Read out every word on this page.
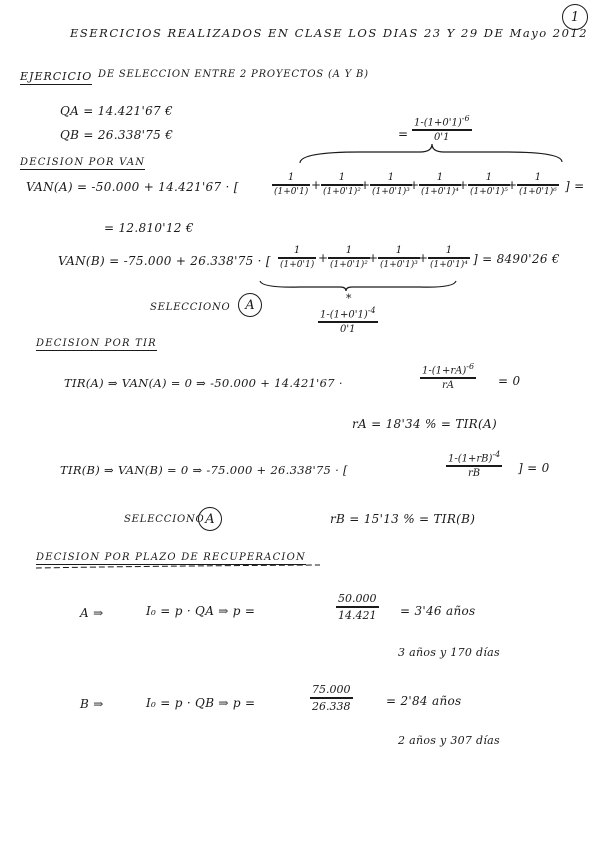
1
ESERCICIOS REALIZADOS EN CLASE LOS DIAS 23 Y 29 DE Mayo 2012
EJERCICIO DE SELECCION ENTRE 2 PROYECTOS (A Y B)
QA = 14.421'67 €
QB = 26.338'75 €	=
$1-(1+0'1)^{-6}$
0'1
DECISION POR VAN
VAN(A) = -50.000 + 14.421'67 · [
1
(1+0'1) +
1
(1+0'1)² +
1
(1+0'1)³ +
1
(1+0'1)⁴ +
1
(1+0'1)⁵ +
1
(1+0'1)⁶ ] =
= 12.810'12 €
VAN(B) = -75.000 + 26.338'75 · [
1
(1+0'1) +
1
(1+0'1)² +
1
(1+0'1)³ +
1
(1+0'1)⁴ ] = 8490'26 €
*
$1-(1+0'1)^{-4}$
0'1
SELECCIONO A
DECISION POR TIR
TIR(A) ⇒ VAN(A) = 0 ⇒ -50.000 + 14.421'67 ·
$1-(1+rA)^{-6}$
rA	= 0
rA = 18'34 % = TIR(A)
TIR(B) ⇒ VAN(B) = 0 ⇒ -75.000 + 26.338'75 · [
$1-(1+rB)^{-4}$
rB	] = 0
SELECCIONO A	rB = 15'13 % = TIR(B)
DECISION POR PLAZO DE RECUPERACION
A ⇒	I₀ = p · QA ⇒ p =
50.000
14.421 = 3'46 años
3 años y 170 días
B ⇒	I₀ = p · QB ⇒ p =
75.000
26.338	= 2'84 años
2 años y 307 días
